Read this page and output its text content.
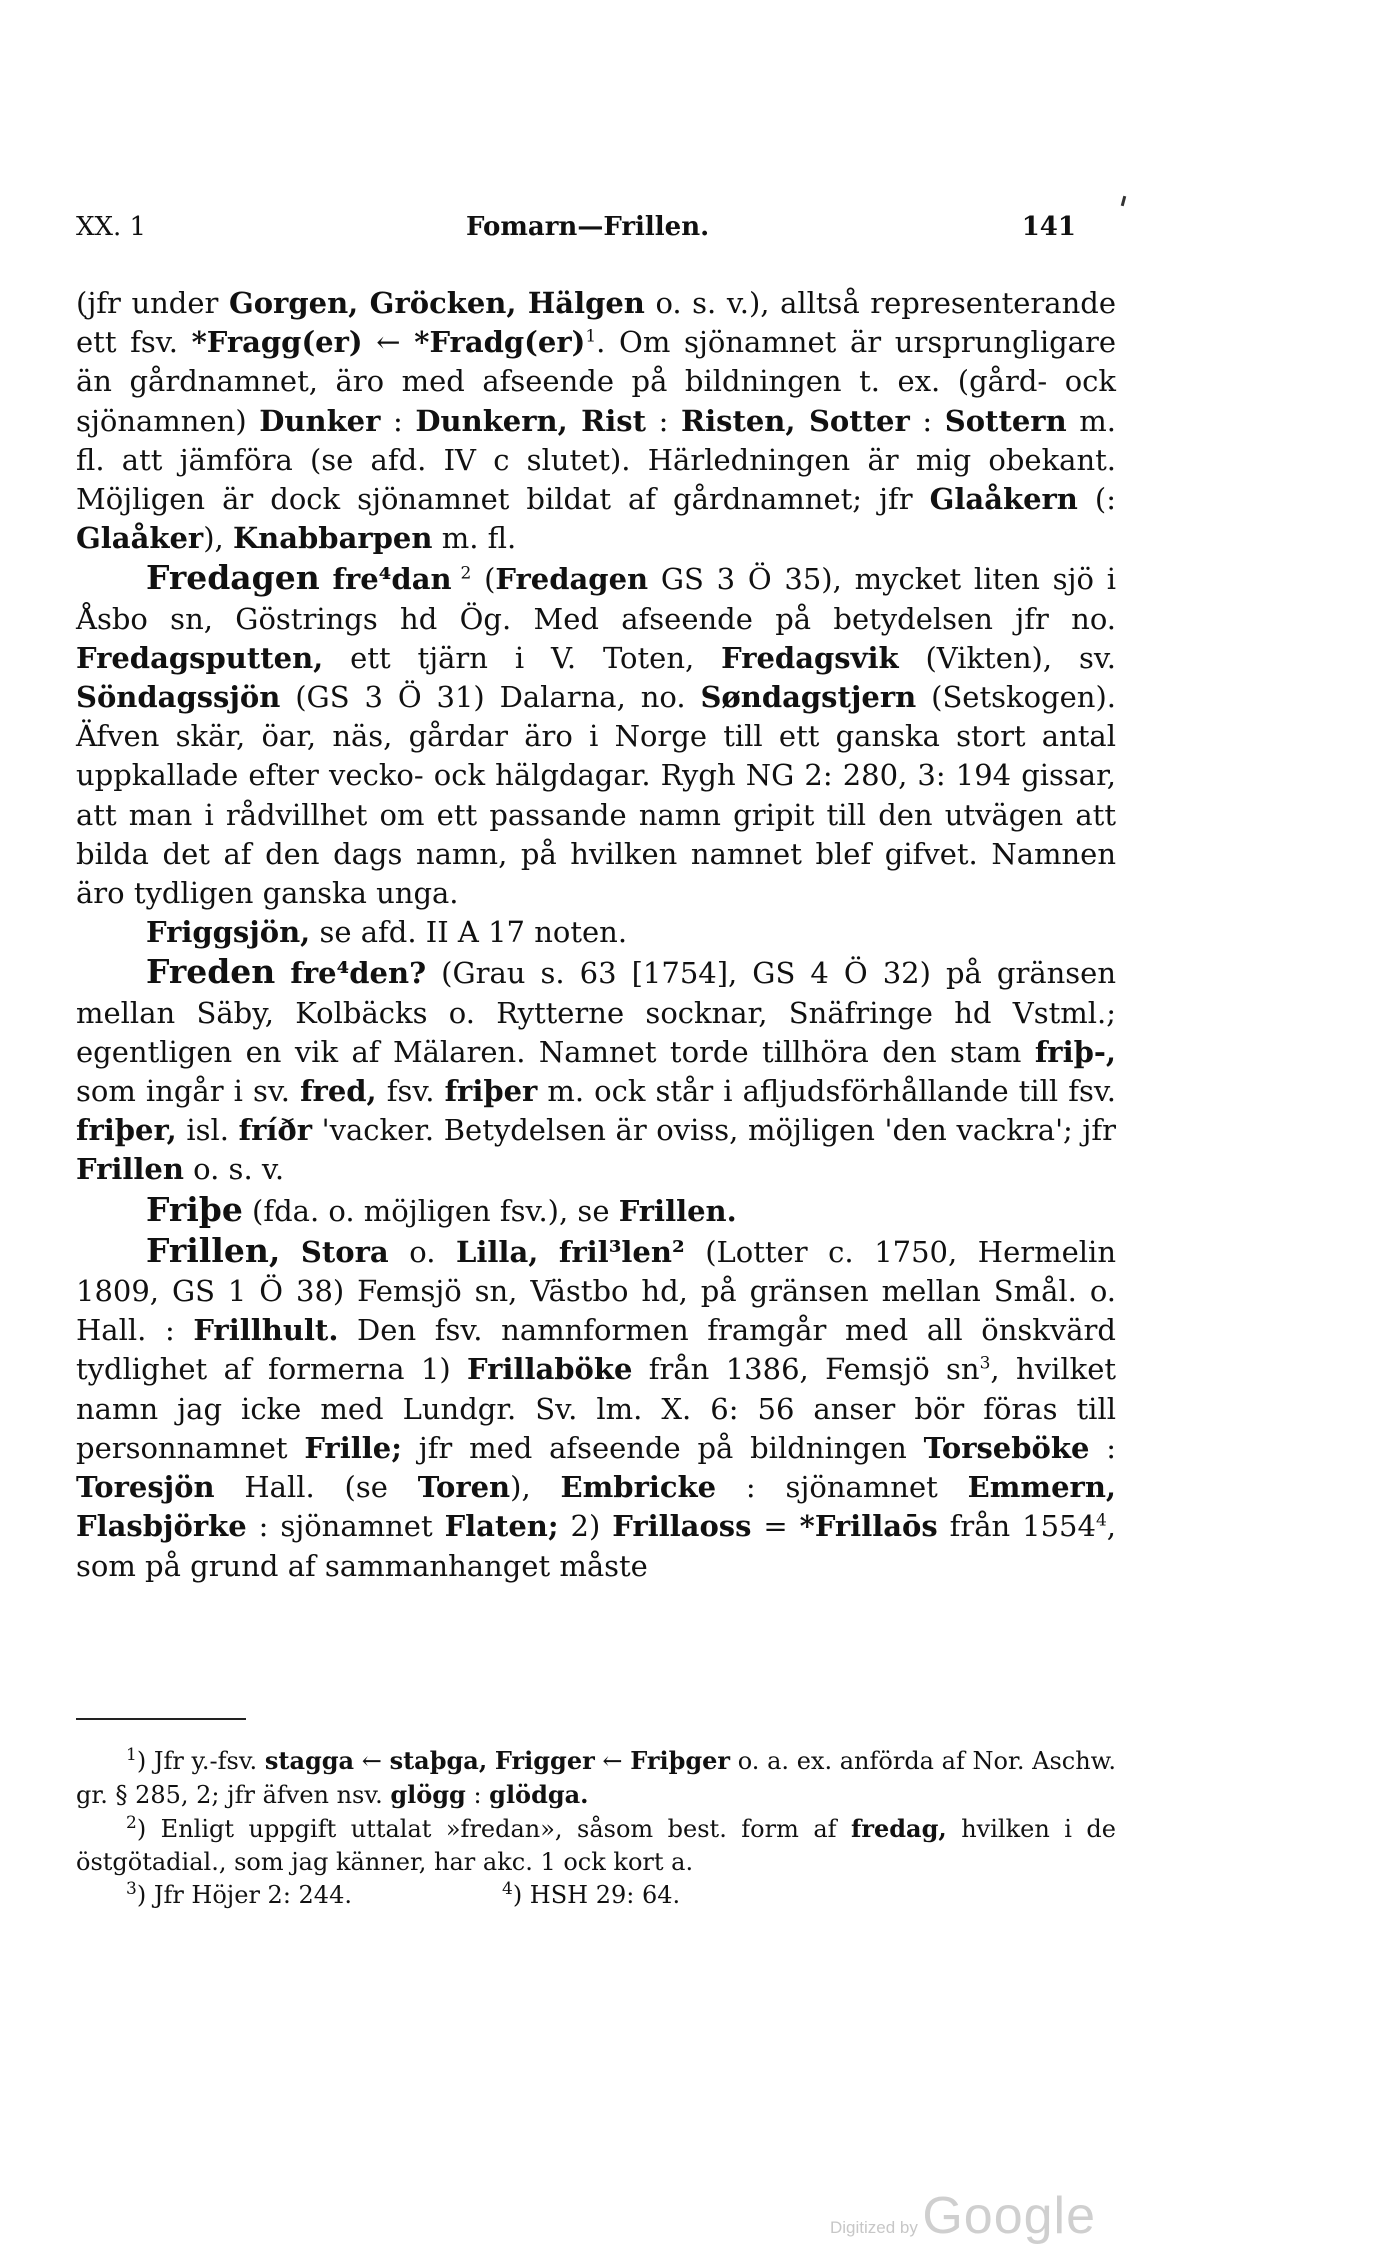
XX. 1	Fomarn—Frillen.	141

(jfr under Gorgen, Gröcken, Hälgen o. s. v.), alltså representerande ett fsv. *Fragg(er) ← *Fradg(er)$^1$. Om sjönamnet är ursprungligare än gårdnamnet, äro med afseende på bildningen t. ex. (gård- ock sjönamnen) Dunker : Dunkern, Rist : Risten, Sotter : Sottern m. fl. att jämföra (se afd. IV c slutet). Härledningen är mig obekant. Möjligen är dock sjönamnet bildat af gårdnamnet; jfr Glaåkern (: Glaåker), Knabbarpen m. fl.

Fredagen fre⁴dan $^2$ (Fredagen GS 3 Ö 35), mycket liten sjö i Åsbo sn, Göstrings hd Ög. Med afseende på betydelsen jfr no. Fredagsputten, ett tjärn i V. Toten, Fredagsvik (Vikten), sv. Söndagssjön (GS 3 Ö 31) Dalarna, no. Søndagstjern (Setskogen). Äfven skär, öar, näs, gårdar äro i Norge till ett ganska stort antal uppkallade efter vecko- ock hälgdagar. Rygh NG 2: 280, 3: 194 gissar, att man i rådvillhet om ett passande namn gripit till den utvägen att bilda det af den dags namn, på hvilken namnet blef gifvet. Namnen äro tydligen ganska unga.

Friggsjön, se afd. II A 17 noten.

Freden fre⁴den? (Grau s. 63 [1754], GS 4 Ö 32) på gränsen mellan Säby, Kolbäcks o. Rytterne socknar, Snäfringe hd Vstml.; egentligen en vik af Mälaren. Namnet torde tillhöra den stam friþ-, som ingår i sv. fred, fsv. friþer m. ock står i afljudsförhållande till fsv. friþer, isl. fríðr 'vacker. Betydelsen är oviss, möjligen 'den vackra'; jfr Frillen o. s. v.

Friþe (fda. o. möjligen fsv.), se Frillen.

Frillen, Stora o. Lilla, fril³len² (Lotter c. 1750, Hermelin 1809, GS 1 Ö 38) Femsjö sn, Västbo hd, på gränsen mellan Smål. o. Hall. : Frillhult. Den fsv. namnformen framgår med all önskvärd tydlighet af formerna 1) Frillaböke från 1386, Femsjö $sn^3$, hvilket namn jag icke med Lundgr. Sv. lm. X. 6: 56 anser bör föras till personnamnet Frille; jfr med afseende på bildningen Torseböke : Toresjön Hall. (se Toren), Embricke : sjönamnet Emmern, Flasbjörke : sjönamnet Flaten; 2) Frillaoss = *Frillaōs från 1554$^4$, som på grund af sammanhanget måste

$^1$) Jfr y.-fsv. stagga ← staþga, Frigger ← Friþger o. a. ex. anförda af Nor. Aschw. gr. § 285, 2; jfr äfven nsv. glögg : glödga.

$^2$) Enligt uppgift uttalat »fredan», såsom best. form af fredag, hvilken i de östgötadial., som jag känner, har akc. 1 ock kort a.

$^3$) Jfr Höjer 2: 244.	$^4$) HSH 29: 64.

Digitized by Google
